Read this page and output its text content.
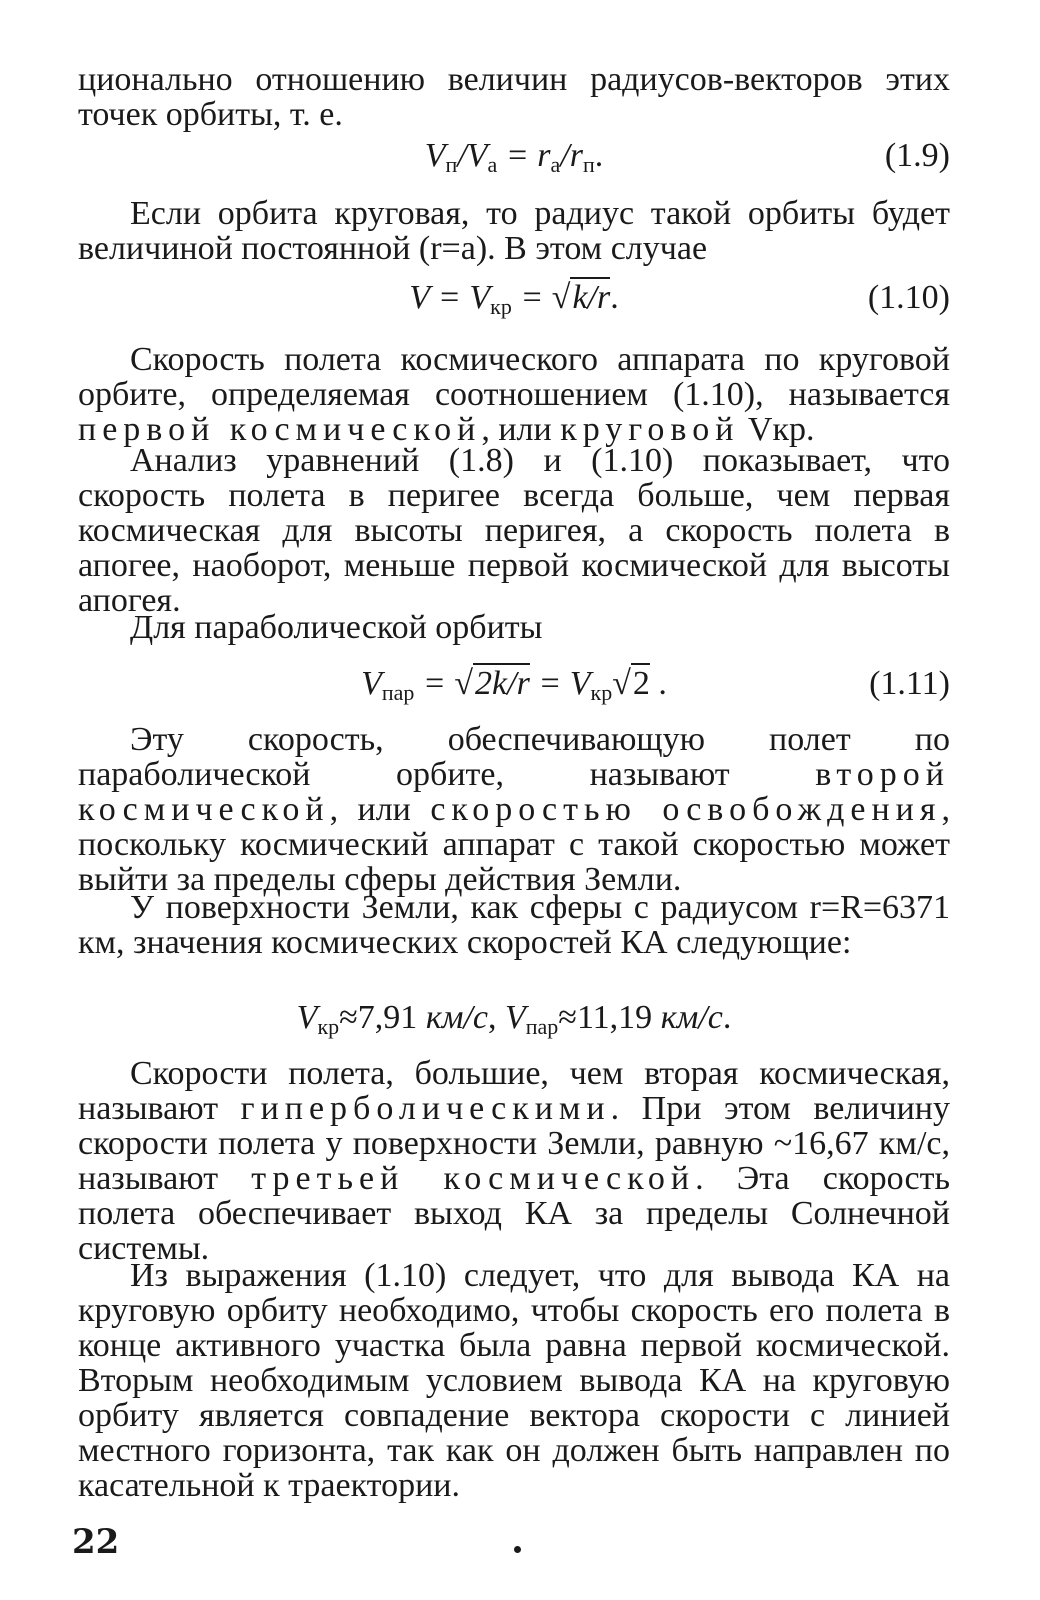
ционально отношению величин радиусов-векторов этих точек орбиты, т. е.
$V_п/V_а = r_а/r_п$.	(1.9)
Если орбита круговая, то радиус такой орбиты будет величиной постоянной (r=a). В этом случае
$V = V_{кр} = √k/r$.	(1.10)
Скорость полета космического аппарата по круговой орбите, определяемая соотношением (1.10), называется первой космической, или круговой Vкр.
Анализ уравнений (1.8) и (1.10) показывает, что скорость полета в перигее всегда больше, чем первая космическая для высоты перигея, а скорость полета в апогее, наоборот, меньше первой космической для высоты апогея.
Для параболической орбиты
$V_{пар} = √2k/r = V_{кр}√2$ .	(1.11)
Эту скорость, обеспечивающую полет по параболической орбите, называют второй космической, или скоростью освобождения, поскольку космический аппарат с такой скоростью может выйти за пределы сферы действия Земли.
У поверхности Земли, как сферы с радиусом r=R=6371 км, значения космических скоростей КА следующие:
$V_{кр}\approx 7,91$ км/с, $V_{пар}\approx 11,19$ км/с.
Скорости полета, большие, чем вторая космическая, называют гиперболическими. При этом величину скорости полета у поверхности Земли, равную ~16,67 км/с, называют третьей космической. Эта скорость полета обеспечивает выход КА за пределы Солнечной системы.
Из выражения (1.10) следует, что для вывода КА на круговую орбиту необходимо, чтобы скорость его полета в конце активного участка была равна первой космической. Вторым необходимым условием вывода КА на круговую орбиту является совпадение вектора скорости с линией местного горизонта, так как он должен быть направлен по касательной к траектории.
22
